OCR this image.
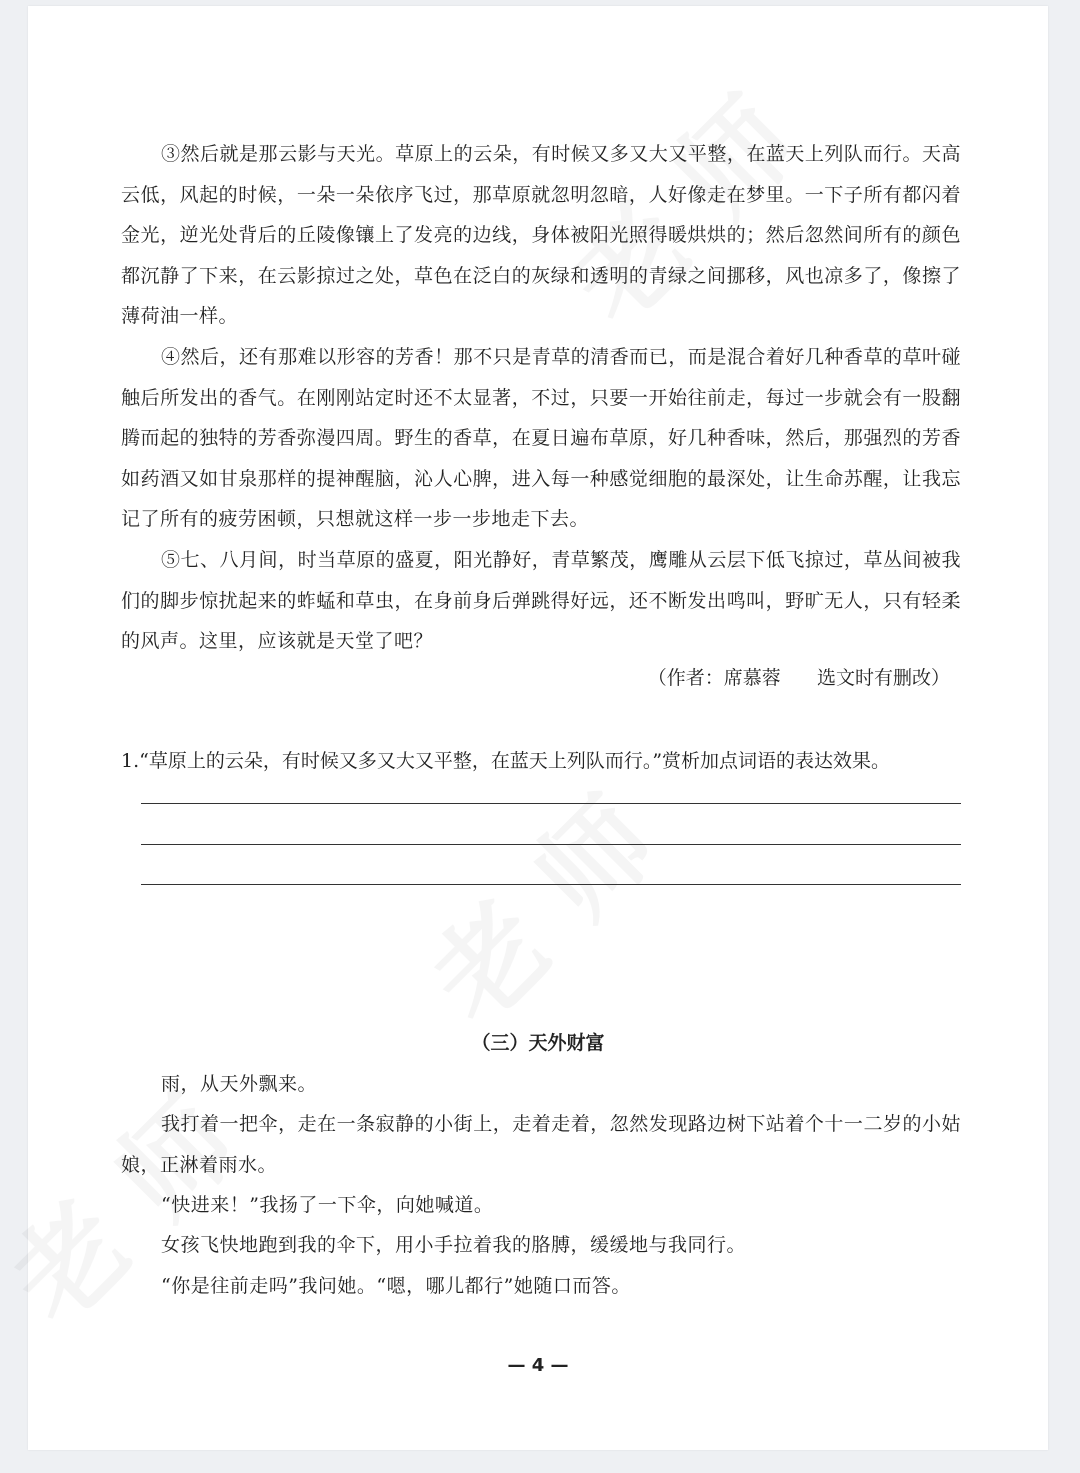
③然后就是那云影与天光。草原上的云朵，有时候又多又大又平整，在蓝天上列队而行。天高云低，风起的时候，一朵一朵依序飞过，那草原就忽明忽暗，人好像走在梦里。一下子所有都闪着金光，逆光处背后的丘陵像镶上了发亮的边线，身体被阳光照得暖烘烘的；然后忽然间所有的颜色都沉静了下来，在云影掠过之处，草色在泛白的灰绿和透明的青绿之间挪移，风也凉多了，像擦了薄荷油一样。

④然后，还有那难以形容的芳香！那不只是青草的清香而已，而是混合着好几种香草的草叶碰触后所发出的香气。在刚刚站定时还不太显著，不过，只要一开始往前走，每过一步就会有一股翻腾而起的独特的芳香弥漫四周。野生的香草，在夏日遍布草原，好几种香味，然后，那强烈的芳香如药酒又如甘泉那样的提神醒脑，沁人心脾，进入每一种感觉细胞的最深处，让生命苏醒，让我忘记了所有的疲劳困顿，只想就这样一步一步地走下去。

⑤七、八月间，时当草原的盛夏，阳光静好，青草繁茂，鹰雕从云层下低飞掠过，草丛间被我们的脚步惊扰起来的蚱蜢和草虫，在身前身后弹跳得好远，还不断发出鸣叫，野旷无人，只有轻柔的风声。这里，应该就是天堂了吧？

（作者：席慕蓉      选文时有删改）
1.“草原上的云朵，有时候又多又大又平整，在蓝天上列队而行。”赏析加点词语的表达效果。
（三）天外财富

雨，从天外飘来。

我打着一把伞，走在一条寂静的小街上，走着走着，忽然发现路边树下站着个十一二岁的小姑娘，正淋着雨水。

“快进来！”我扬了一下伞，向她喊道。

女孩飞快地跑到我的伞下，用小手拉着我的胳膊，缓缓地与我同行。

“你是往前走吗”我问她。“嗯，哪儿都行”她随口而答。

— 4 —
